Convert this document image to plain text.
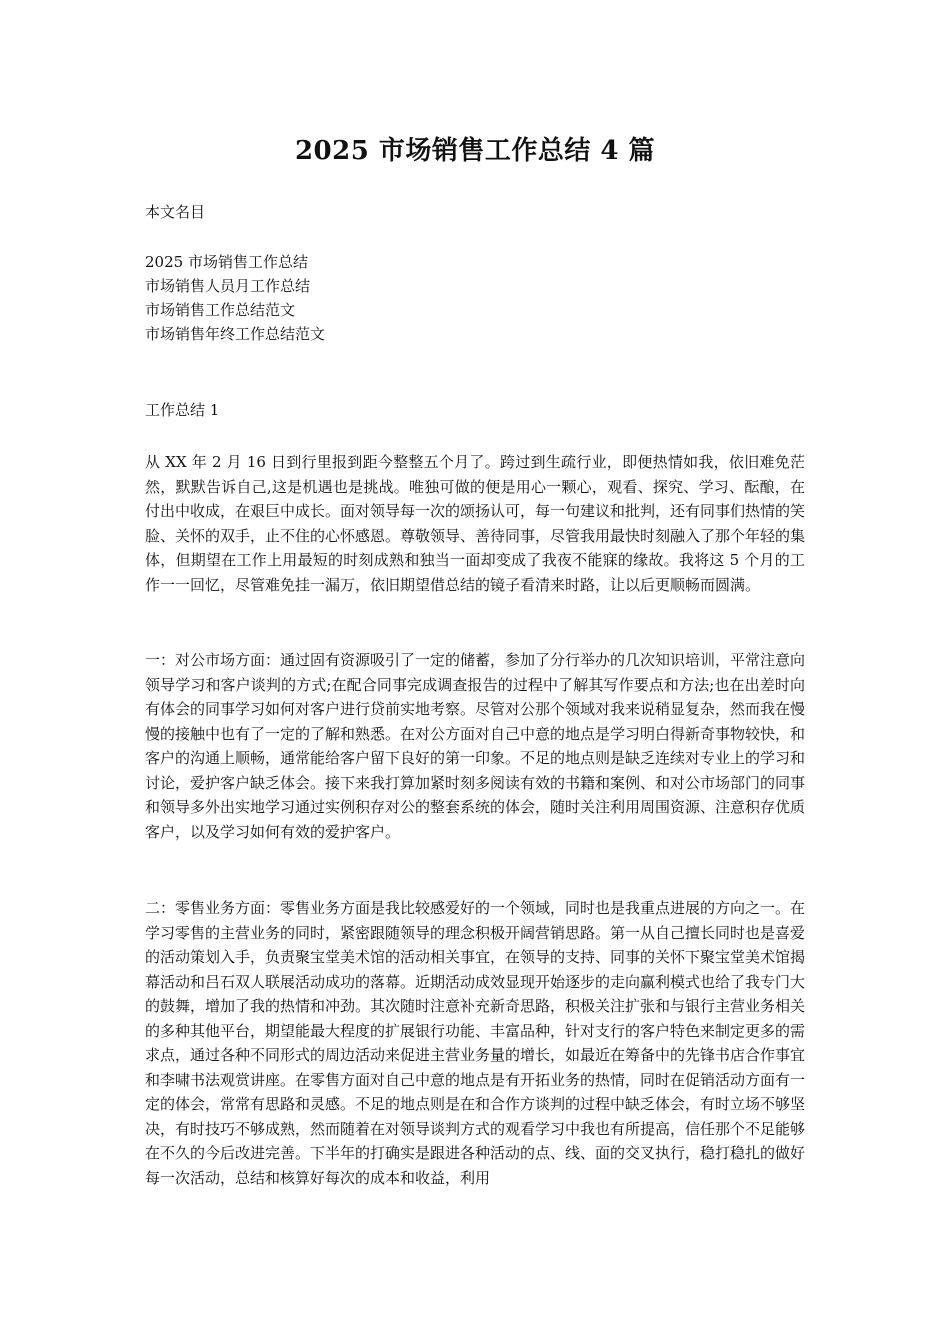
2025 市场销售工作总结 4 篇

本文名目

2025 市场销售工作总结
市场销售人员月工作总结
市场销售工作总结范文
市场销售年终工作总结范文

工作总结 1

从 XX 年 2 月 16 日到行里报到距今整整五个月了。跨过到生疏行业，即便热情如我，依旧难免茫然，默默告诉自己,这是机遇也是挑战。唯独可做的便是用心一颗心，观看、探究、学习、酝酿，在付出中收成，在艰巨中成长。面对领导每一次的颂扬认可，每一句建议和批判，还有同事们热情的笑脸、关怀的双手，止不住的心怀感恩。尊敬领导、善待同事，尽管我用最快时刻融入了那个年轻的集体，但期望在工作上用最短的时刻成熟和独当一面却变成了我夜不能寐的缘故。我将这 5 个月的工作一一回忆，尽管难免挂一漏万，依旧期望借总结的镜子看清来时路，让以后更顺畅而圆满。

一：对公市场方面：通过固有资源吸引了一定的储蓄，参加了分行举办的几次知识培训，平常注意向领导学习和客户谈判的方式;在配合同事完成调查报告的过程中了解其写作要点和方法;也在出差时向有体会的同事学习如何对客户进行贷前实地考察。尽管对公那个领域对我来说稍显复杂，然而我在慢慢的接触中也有了一定的了解和熟悉。在对公方面对自己中意的地点是学习明白得新奇事物较快，和客户的沟通上顺畅，通常能给客户留下良好的第一印象。不足的地点则是缺乏连续对专业上的学习和讨论，爱护客户缺乏体会。接下来我打算加紧时刻多阅读有效的书籍和案例、和对公市场部门的同事和领导多外出实地学习通过实例积存对公的整套系统的体会，随时关注利用周围资源、注意积存优质客户，以及学习如何有效的爱护客户。

二：零售业务方面：零售业务方面是我比较感爱好的一个领域，同时也是我重点进展的方向之一。在学习零售的主营业务的同时，紧密跟随领导的理念积极开阔营销思路。第一从自己擅长同时也是喜爱的活动策划入手，负责聚宝堂美术馆的活动相关事宜，在领导的支持、同事的关怀下聚宝堂美术馆揭幕活动和吕石双人联展活动成功的落幕。近期活动成效显现开始逐步的走向赢利模式也给了我专门大的鼓舞，增加了我的热情和冲劲。其次随时注意补充新奇思路，积极关注扩张和与银行主营业务相关的多种其他平台，期望能最大程度的扩展银行功能、丰富品种，针对支行的客户特色来制定更多的需求点，通过各种不同形式的周边活动来促进主营业务量的增长，如最近在筹备中的先锋书店合作事宜和李啸书法观赏讲座。在零售方面对自己中意的地点是有开拓业务的热情，同时在促销活动方面有一定的体会，常常有思路和灵感。不足的地点则是在和合作方谈判的过程中缺乏体会，有时立场不够坚决，有时技巧不够成熟，然而随着在对领导谈判方式的观看学习中我也有所提高，信任那个不足能够在不久的今后改进完善。下半年的打确实是跟进各种活动的点、线、面的交叉执行，稳打稳扎的做好每一次活动，总结和核算好每次的成本和收益，利用
